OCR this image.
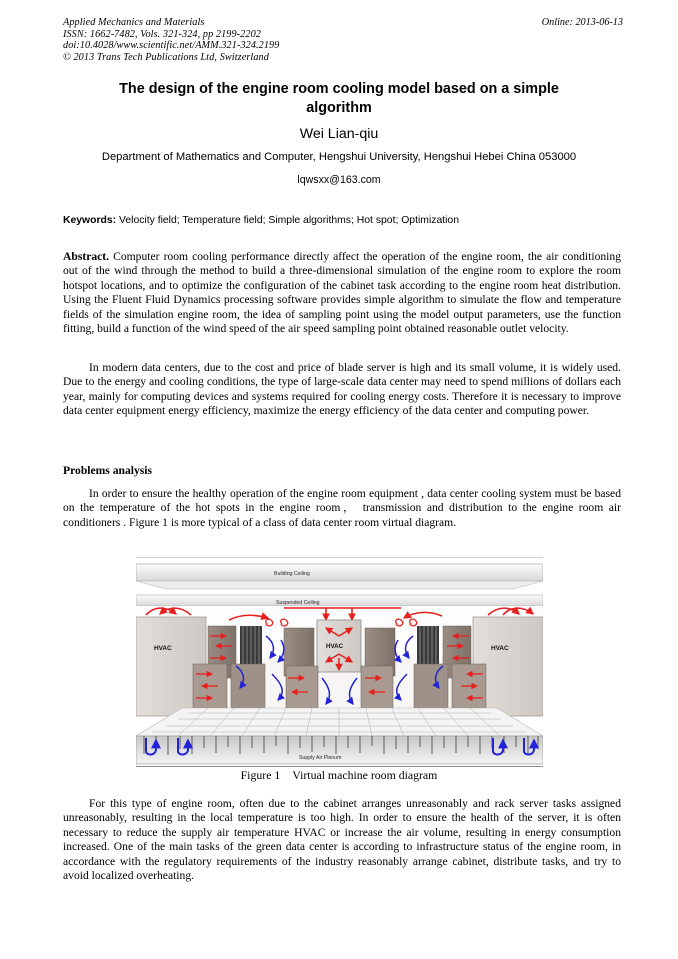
Applied Mechanics and Materials
ISSN: 1662-7482, Vols. 321-324, pp 2199-2202
doi:10.4028/www.scientific.net/AMM.321-324.2199
© 2013 Trans Tech Publications Ltd, Switzerland
Online: 2013-06-13
The design of the engine room cooling model based on a simple algorithm
Wei Lian-qiu
Department of Mathematics and Computer, Hengshui University, Hengshui Hebei China 053000
lqwsxx@163.com
Keywords: Velocity field; Temperature field; Simple algorithms; Hot spot; Optimization

Abstract. Computer room cooling performance directly affect the operation of the engine room, the air conditioning out of the wind through the method to build a three-dimensional simulation of the engine room to explore the room hotspot locations, and to optimize the configuration of the cabinet task according to the engine room heat distribution. Using the Fluent Fluid Dynamics processing software provides simple algorithm to simulate the flow and temperature fields of the simulation engine room, the idea of sampling point using the model output parameters, use the function fitting, build a function of the wind speed of the air speed sampling point obtained reasonable outlet velocity.

In modern data centers, due to the cost and price of blade server is high and its small volume, it is widely used. Due to the energy and cooling conditions, the type of large-scale data center may need to spend millions of dollars each year, mainly for computing devices and systems required for cooling energy costs. Therefore it is necessary to improve data center equipment energy efficiency, maximize the energy efficiency of the data center and computing power.

Problems analysis

In order to ensure the healthy operation of the engine room equipment , data center cooling system must be based on the temperature of the hot spots in the engine room， transmission and distribution to the engine room air conditioners . Figure 1 is more typical of a class of data center room virtual diagram.

Building Ceiling
Suspended Ceiling
HVAC	HVAC
HVAC
Supply Air Plenum
Figure 1 Virtual machine room diagram

For this type of engine room, often due to the cabinet arranges unreasonably and rack server tasks assigned unreasonably, resulting in the local temperature is too high. In order to ensure the health of the server, it is often necessary to reduce the supply air temperature HVAC or increase the air volume, resulting in energy consumption increased. One of the main tasks of the green data center is according to infrastructure status of the engine room, in accordance with the regulatory requirements of the industry reasonably arrange cabinet, distribute tasks, and try to avoid localized overheating.
